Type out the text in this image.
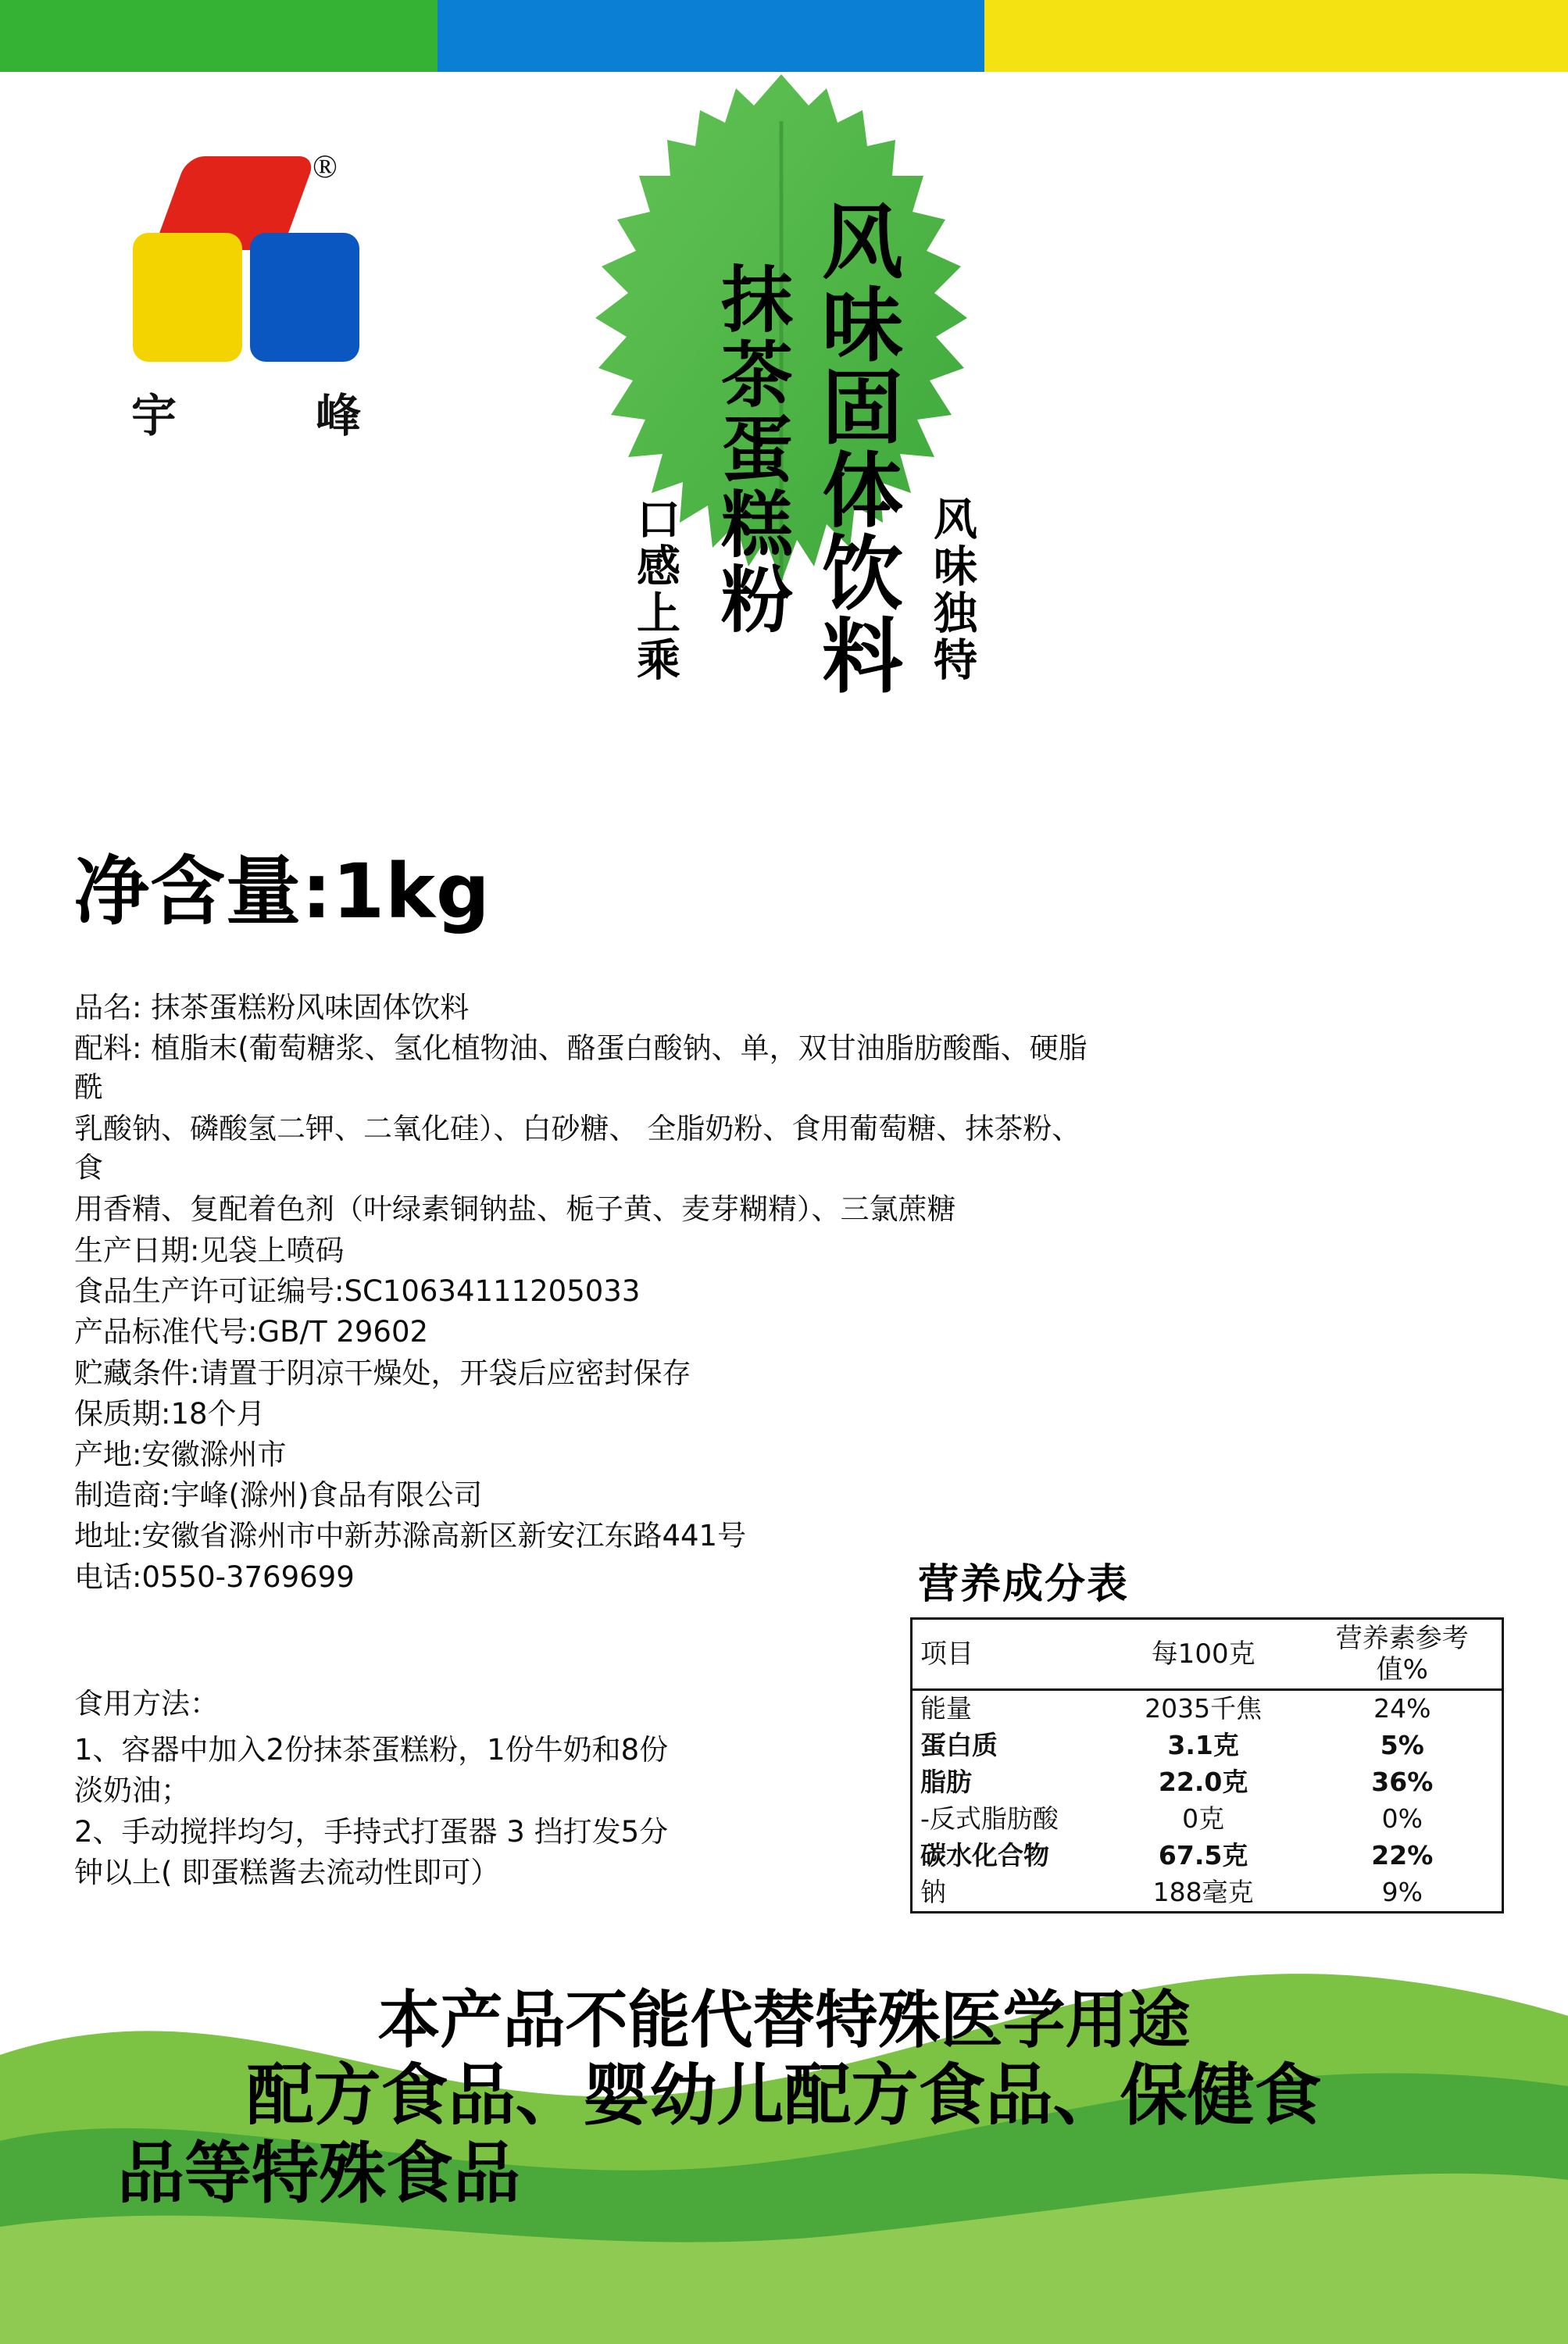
®
宇	峰	风味固体饮料
抹茶蛋糕粉
口感上乘	风味独特
净含量:1kg
品名: 抹茶蛋糕粉风味固体饮料
配料: 植脂末(葡萄糖浆、氢化植物油、酪蛋白酸钠、单，双甘油脂肪酸酯、硬脂酰
乳酸钠、磷酸氢二钾、二氧化硅）、白砂糖、 全脂奶粉、食用葡萄糖、抹茶粉、食
用香精、复配着色剂（叶绿素铜钠盐、栀子黄、麦芽糊精）、三氯蔗糖
生产日期:见袋上喷码
食品生产许可证编号:SC10634111205033
产品标准代号:GB/T 29602
贮藏条件:请置于阴凉干燥处，开袋后应密封保存
保质期:18个月
产地:安徽滁州市
制造商:宇峰(滁州)食品有限公司
地址:安徽省滁州市中新苏滁高新区新安江东路441号
电话:0550-3769699
食用方法：
1、容器中加入2份抹茶蛋糕粉，1份牛奶和8份
淡奶油；
2、手动搅拌均匀，手持式打蛋器 3 挡打发5分
钟以上( 即蛋糕酱去流动性即可）
营养成分表
项目	每100克	营养素参考值%
能量	2035千焦	24%
蛋白质	3.1克	5%
脂肪	22.0克	36%
-反式脂肪酸	0克	0%
碳水化合物	67.5克	22%
钠	188毫克	9%
本产品不能代替特殊医学用途
配方食品、婴幼儿配方食品、保健食
品等特殊食品
